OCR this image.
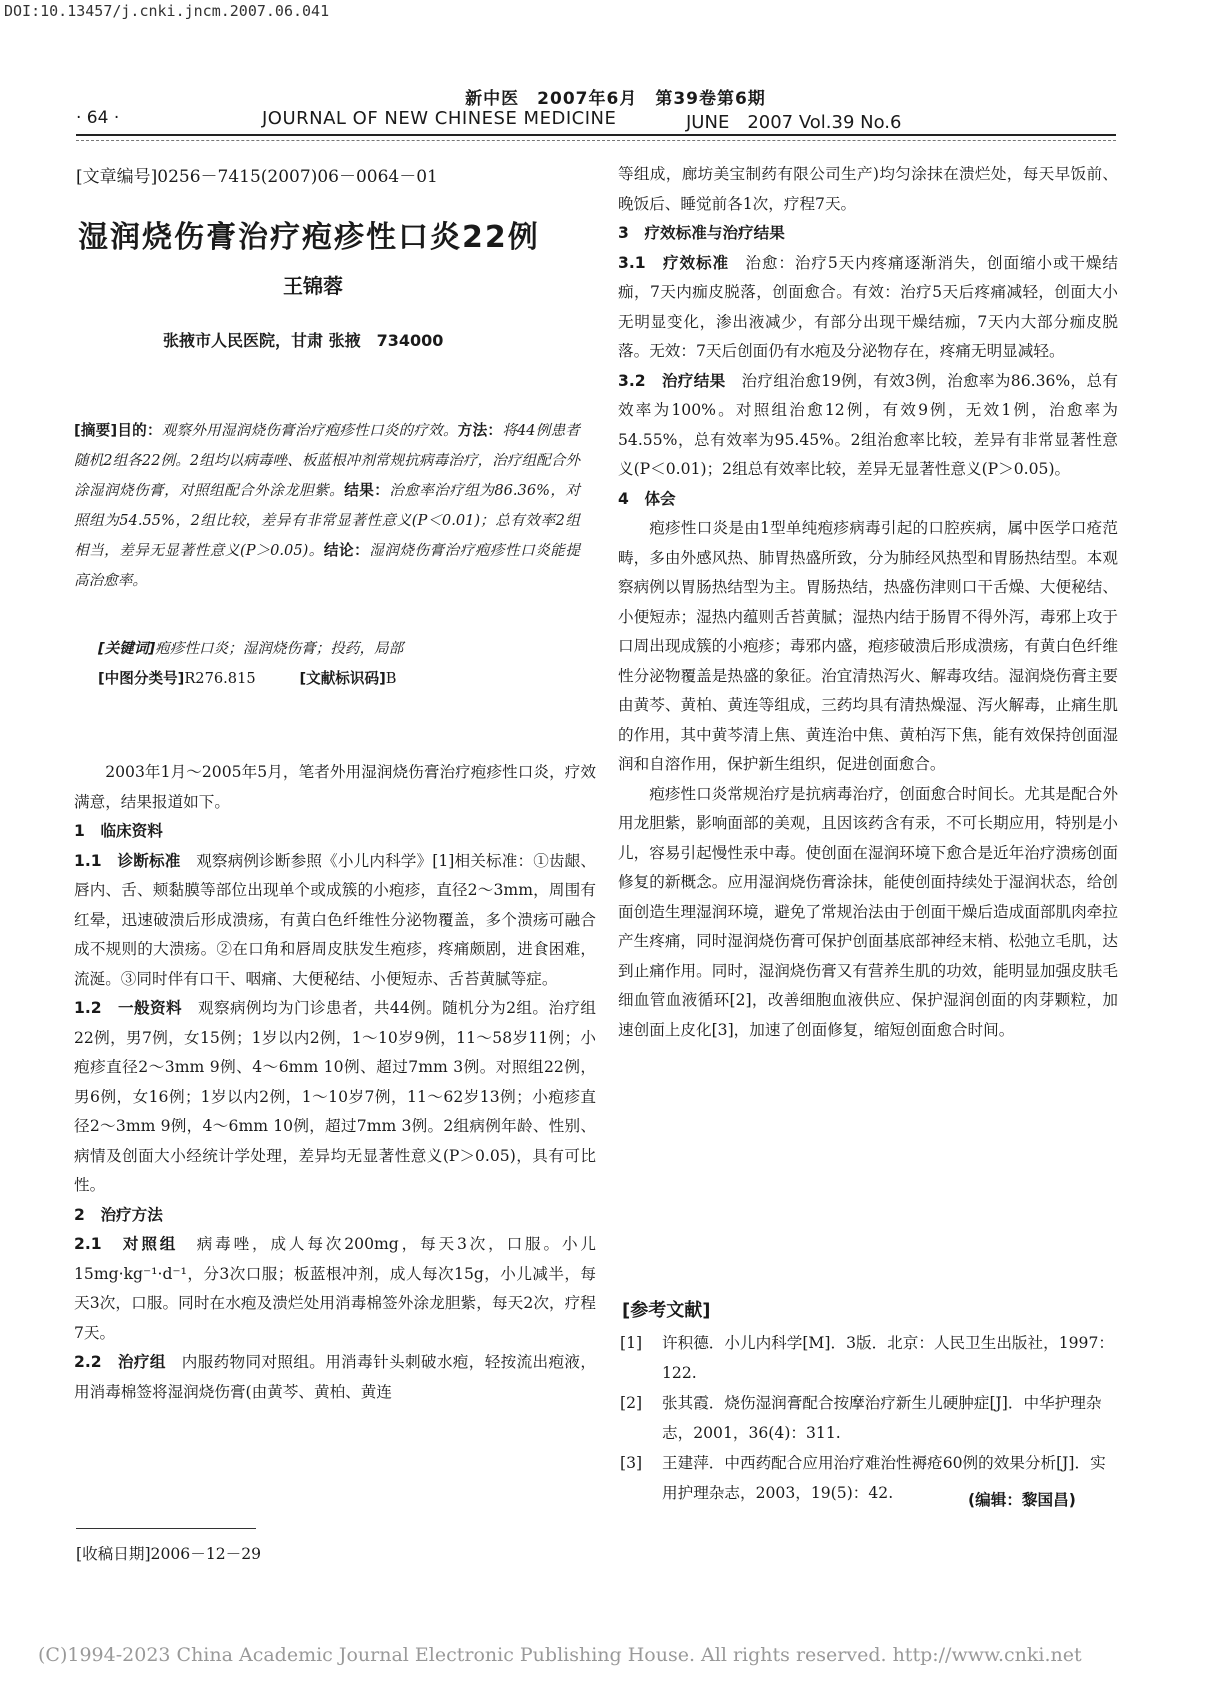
DOI:10.13457/j.cnki.jncm.2007.06.041
新中医　2007年6月　第39卷第6期
· 64 ·	JOURNAL OF NEW CHINESE MEDICINE	JUNE　2007 Vol.39 No.6
[文章编号]0256－7415(2007)06－0064－01
湿润烧伤膏治疗疱疹性口炎22例
王锦蓉
张掖市人民医院，甘肃 张掖　734000
[摘要]目的：观察外用湿润烧伤膏治疗疱疹性口炎的疗效。方法：将44例患者随机2组各22例。2组均以病毒唑、板蓝根冲剂常规抗病毒治疗，治疗组配合外涂湿润烧伤膏，对照组配合外涂龙胆紫。结果：治愈率治疗组为86.36%，对照组为54.55%，2组比较，差异有非常显著性意义(P＜0.01)；总有效率2组相当，差异无显著性意义(P＞0.05)。结论：湿润烧伤膏治疗疱疹性口炎能提高治愈率。
[关键词]疱疹性口炎；湿润烧伤膏；投药，局部
[中图分类号]R276.815　　　	[文献标识码]B

2003年1月～2005年5月，笔者外用湿润烧伤膏治疗疱疹性口炎，疗效满意，结果报道如下。

1　临床资料

1.1　诊断标准　 观察病例诊断参照《小儿内科学》[1]相关标准：①齿龈、唇内、舌、颊黏膜等部位出现单个或成簇的小疱疹，直径2～3mm，周围有红晕，迅速破溃后形成溃疡，有黄白色纤维性分泌物覆盖，多个溃疡可融合成不规则的大溃疡。②在口角和唇周皮肤发生疱疹，疼痛颇剧，进食困难，流涎。③同时伴有口干、咽痛、大便秘结、小便短赤、舌苔黄腻等症。

1.2　一般资料　 观察病例均为门诊患者，共44例。随机分为2组。治疗组22例，男7例，女15例；1岁以内2例，1～10岁9例，11～58岁11例；小疱疹直径2～3mm 9例、4～6mm 10例、超过7mm 3例。对照组22例，男6例，女16例；1岁以内2例，1～10岁7例，11～62岁13例；小疱疹直径2～3mm 9例，4～6mm 10例，超过7mm 3例。2组病例年龄、性别、病情及创面大小经统计学处理，差异均无显著性意义(P＞0.05)，具有可比性。

2　治疗方法

2.1　对照组　 病毒唑，成人每次200mg，每天3次，口服。小儿15mg·kg⁻¹·d⁻¹，分3次口服；板蓝根冲剂，成人每次15g，小儿减半，每天3次，口服。同时在水疱及溃烂处用消毒棉签外涂龙胆紫，每天2次，疗程7天。

2.2　治疗组　 内服药物同对照组。用消毒针头刺破水疱，轻按流出疱液，用消毒棉签将湿润烧伤膏(由黄芩、黄柏、黄连

[收稿日期]2006－12－29

等组成，廊坊美宝制药有限公司生产)均匀涂抹在溃烂处，每天早饭前、晚饭后、睡觉前各1次，疗程7天。

3　疗效标准与治疗结果

3.1　疗效标准　 治愈：治疗5天内疼痛逐渐消失，创面缩小或干燥结痂，7天内痂皮脱落，创面愈合。有效：治疗5天后疼痛减轻，创面大小无明显变化，渗出液减少，有部分出现干燥结痂，7天内大部分痂皮脱落。无效：7天后创面仍有水疱及分泌物存在，疼痛无明显减轻。

3.2　治疗结果　 治疗组治愈19例，有效3例，治愈率为86.36%，总有效率为100%。对照组治愈12例，有效9例，无效1例，治愈率为54.55%，总有效率为95.45%。2组治愈率比较，差异有非常显著性意义(P＜0.01)；2组总有效率比较，差异无显著性意义(P＞0.05)。

4　体会

疱疹性口炎是由1型单纯疱疹病毒引起的口腔疾病，属中医学口疮范畴，多由外感风热、肺胃热盛所致，分为肺经风热型和胃肠热结型。本观察病例以胃肠热结型为主。胃肠热结，热盛伤津则口干舌燥、大便秘结、小便短赤；湿热内蕴则舌苔黄腻；湿热内结于肠胃不得外泻，毒邪上攻于口周出现成簇的小疱疹；毒邪内盛，疱疹破溃后形成溃疡，有黄白色纤维性分泌物覆盖是热盛的象征。治宜清热泻火、解毒攻结。湿润烧伤膏主要由黄芩、黄柏、黄连等组成，三药均具有清热燥湿、泻火解毒，止痛生肌的作用，其中黄芩清上焦、黄连治中焦、黄柏泻下焦，能有效保持创面湿润和自溶作用，保护新生组织，促进创面愈合。

疱疹性口炎常规治疗是抗病毒治疗，创面愈合时间长。尤其是配合外用龙胆紫，影响面部的美观，且因该药含有汞，不可长期应用，特别是小儿，容易引起慢性汞中毒。使创面在湿润环境下愈合是近年治疗溃疡创面修复的新概念。应用湿润烧伤膏涂抹，能使创面持续处于湿润状态，给创面创造生理湿润环境，避免了常规治法由于创面干燥后造成面部肌肉牵拉产生疼痛，同时湿润烧伤膏可保护创面基底部神经末梢、松弛立毛肌，达到止痛作用。同时，湿润烧伤膏又有营养生肌的功效，能明显加强皮肤毛细血管血液循环[2]，改善细胞血液供应、保护湿润创面的肉芽颗粒，加速创面上皮化[3]，加速了创面修复，缩短创面愈合时间。

[参考文献]
[1]	许积德．小儿内科学[M]．3版．北京：人民卫生出版社，1997：122.
[2]	张其霞．烧伤湿润膏配合按摩治疗新生儿硬肿症[J]．中华护理杂志，2001，36(4)：311.
[3]	王建萍．中西药配合应用治疗难治性褥疮60例的效果分析[J]．实用护理杂志，2003，19(5)：42.	(编辑：黎国昌)
(C)1994-2023 China Academic Journal Electronic Publishing House. All rights reserved. http://www.cnki.net
